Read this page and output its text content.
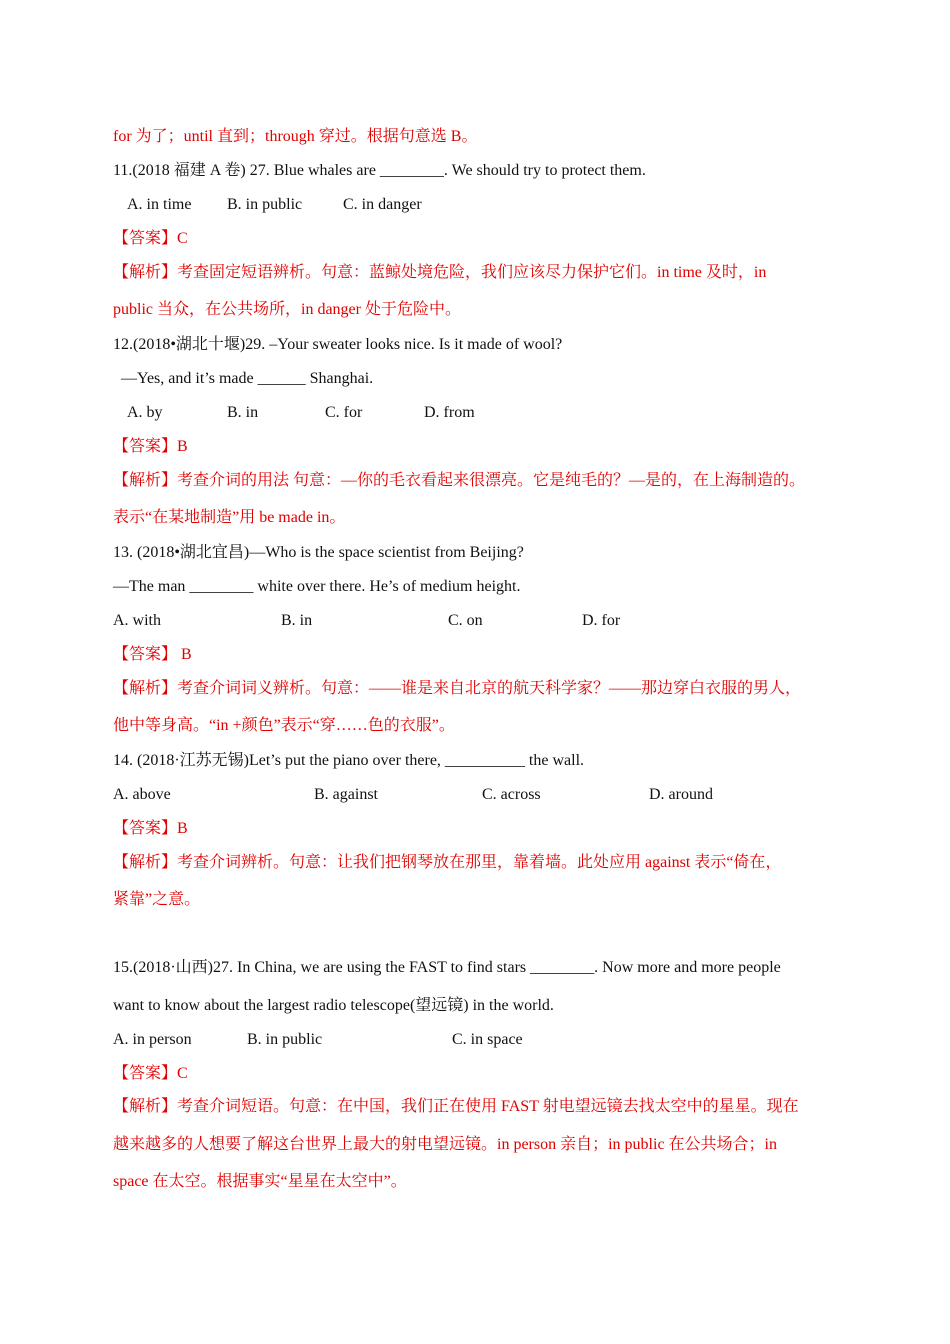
for 为了；until 直到；through 穿过。根据句意选 B。
11.(2018 福建 A 卷) 27. Blue whales are ________. We should try to protect them.
A. in time B. in public	C. in danger
【答案】C
【解析】考查固定短语辨析。句意：蓝鲸处境危险，我们应该尽力保护它们。in time 及时，in
public 当众，在公共场所，in danger 处于危险中。
12.(2018•湖北十堰)29. –Your sweater looks nice. Is it made of wool?
—Yes, and it’s made ______ Shanghai.
A. by	B. in	C. for	D. from
【答案】B
【解析】考查介词的用法 句意：—你的毛衣看起来很漂亮。它是纯毛的？—是的，在上海制造的。
表示“在某地制造”用 be made in。
13. (2018•湖北宜昌)—Who is the space scientist from Beijing?
—The man ________ white over there. He’s of medium height.
A. with	B. in	C. on	D. for
【答案】 B
【解析】考查介词词义辨析。句意：——谁是来自北京的航天科学家？——那边穿白衣服的男人，
他中等身高。“in +颜色”表示“穿……色的衣服”。
14. (2018·江苏无锡)Let’s put the piano over there, __________ the wall.
A. above	B. against	C. across	D. around
【答案】B
【解析】考查介词辨析。句意：让我们把钢琴放在那里，靠着墙。此处应用 against 表示“倚在，
紧靠”之意。
15.(2018·山西)27. In China, we are using the FAST to find stars ________. Now more and more people
want to know about the largest radio telescope(望远镜) in the world.
A. in person	B. in public	C. in space
【答案】C
【解析】考查介词短语。句意：在中国，我们正在使用 FAST 射电望远镜去找太空中的星星。现在
越来越多的人想要了解这台世界上最大的射电望远镜。in person 亲自；in public 在公共场合；in
space 在太空。根据事实“星星在太空中”。
